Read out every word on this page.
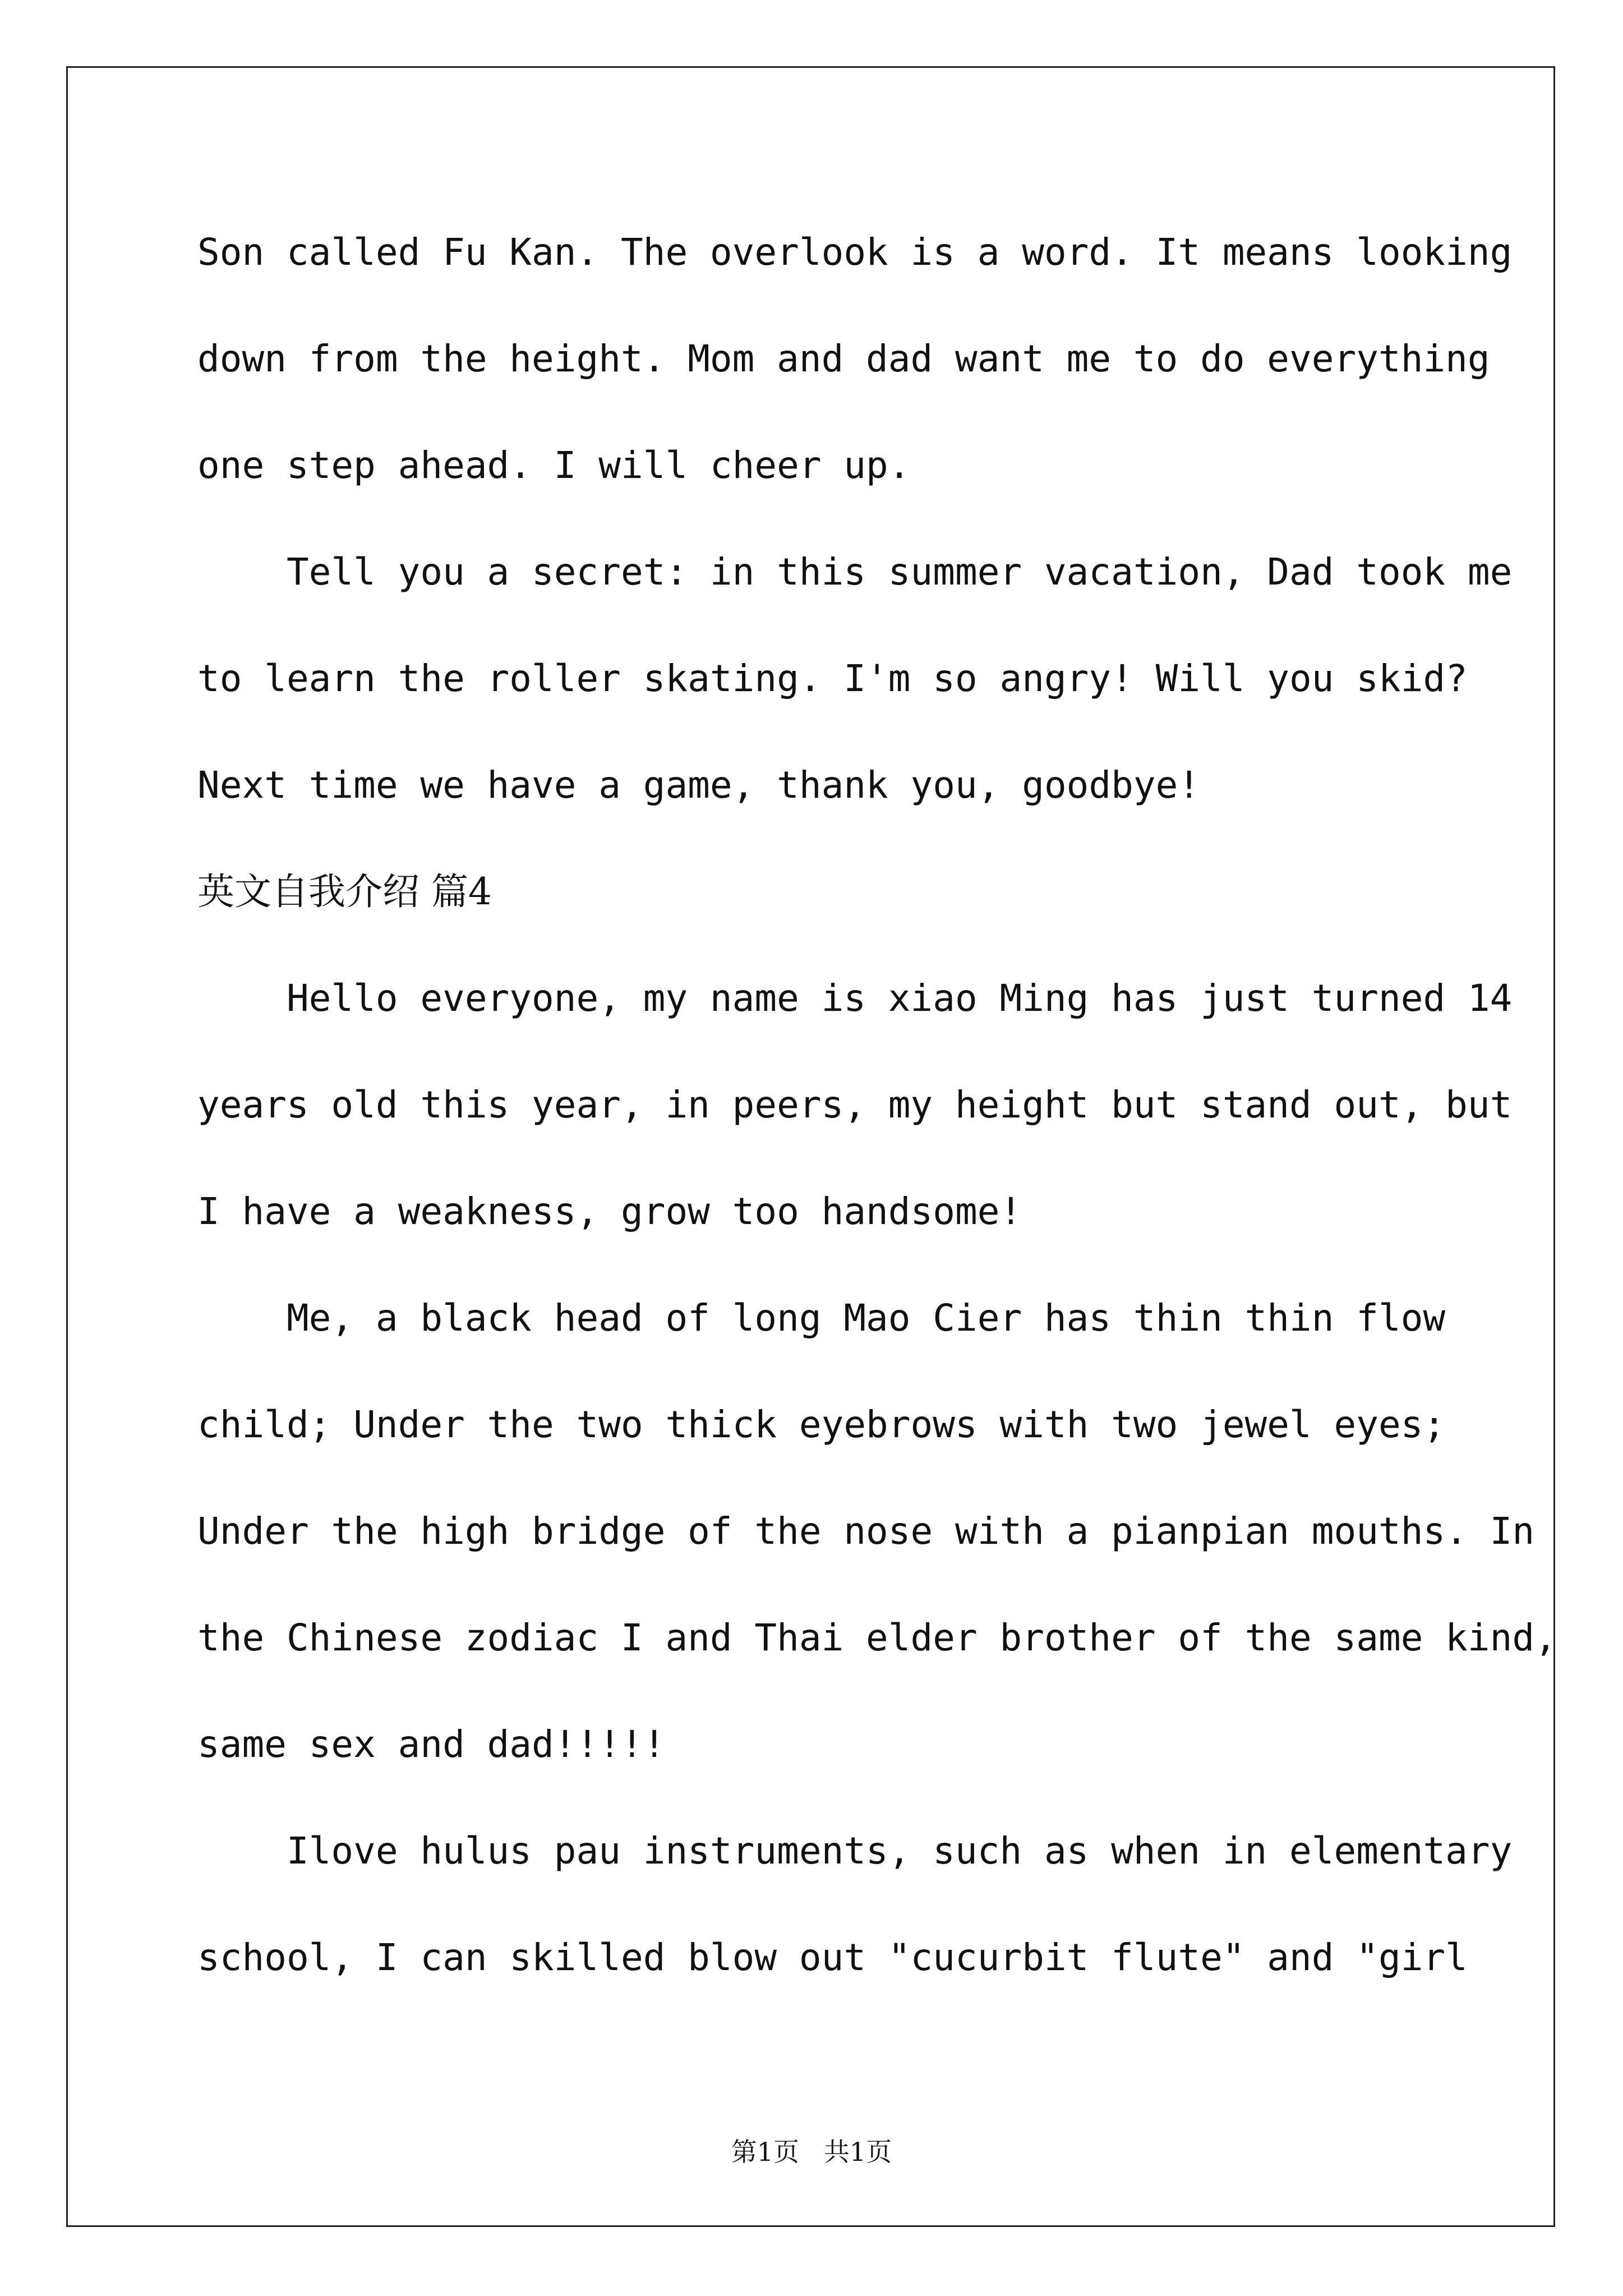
Son called Fu Kan. The overlook is a word. It means looking
down from the height. Mom and dad want me to do everything
one step ahead. I will cheer up.
Tell you a secret: in this summer vacation, Dad took me
to learn the roller skating. I'm so angry! Will you skid?
Next time we have a game, thank you, goodbye!
英文自我介绍 篇4
Hello everyone, my name is xiao Ming has just turned 14
years old this year, in peers, my height but stand out, but
I have a weakness, grow too handsome!
Me, a black head of long Mao Cier has thin thin flow
child; Under the two thick eyebrows with two jewel eyes;
Under the high bridge of the nose with a pianpian mouths. In
the Chinese zodiac I and Thai elder brother of the same kind,
same sex and dad!!!!!
Ilove hulus pau instruments, such as when in elementary
school, I can skilled blow out "cucurbit flute" and "girl
第1页   共1页
